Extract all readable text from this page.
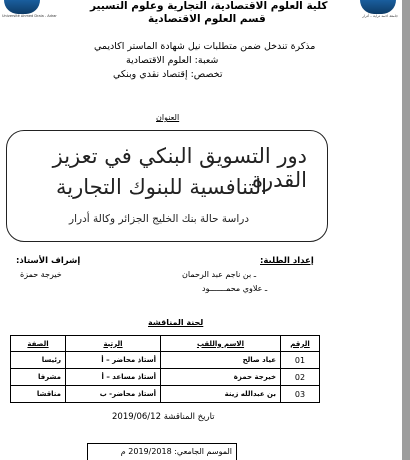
Université Ahmed Draia - Adrar	جامعة احمد دراية – أدرار
كلية العلوم الاقتصادية، التجارية وعلوم التسيير
قسم العلوم الاقتصادية
مذكرة تندخل ضمن متطلبات نيل شهادة الماستر اكاديمي
شعبة: العلوم الاقتصادية
تخصص: إقتصاد نقدي وبنكي
العنوان
دور التسويق البنكي في تعزيز القدرة
التنافسية للبنوك التجارية
دراسة حالة بنك الخليج الجزائر وكالة أدرار
إعداد الطلبة:
ـ بن ناجم عبد الرحمان
ـ علاوي محمـــــــود
إشراف الأستاذ:
خيرجة حمزة
لجنة المناقشة
الصفة	الرتبة	الاسم واللقب	الرقم
رئيسا	أستاذ محاضر – أ	عياد صالح	01
مشرفا	أستاذ مساعد – أ	خيرجة حمزة	02
مناقشا	أستاذ محاضر- ب	بن عبدالله زينة	03
تاريخ المناقشة 2019/06/12
الموسم الجامعي: 2019/2018 م
